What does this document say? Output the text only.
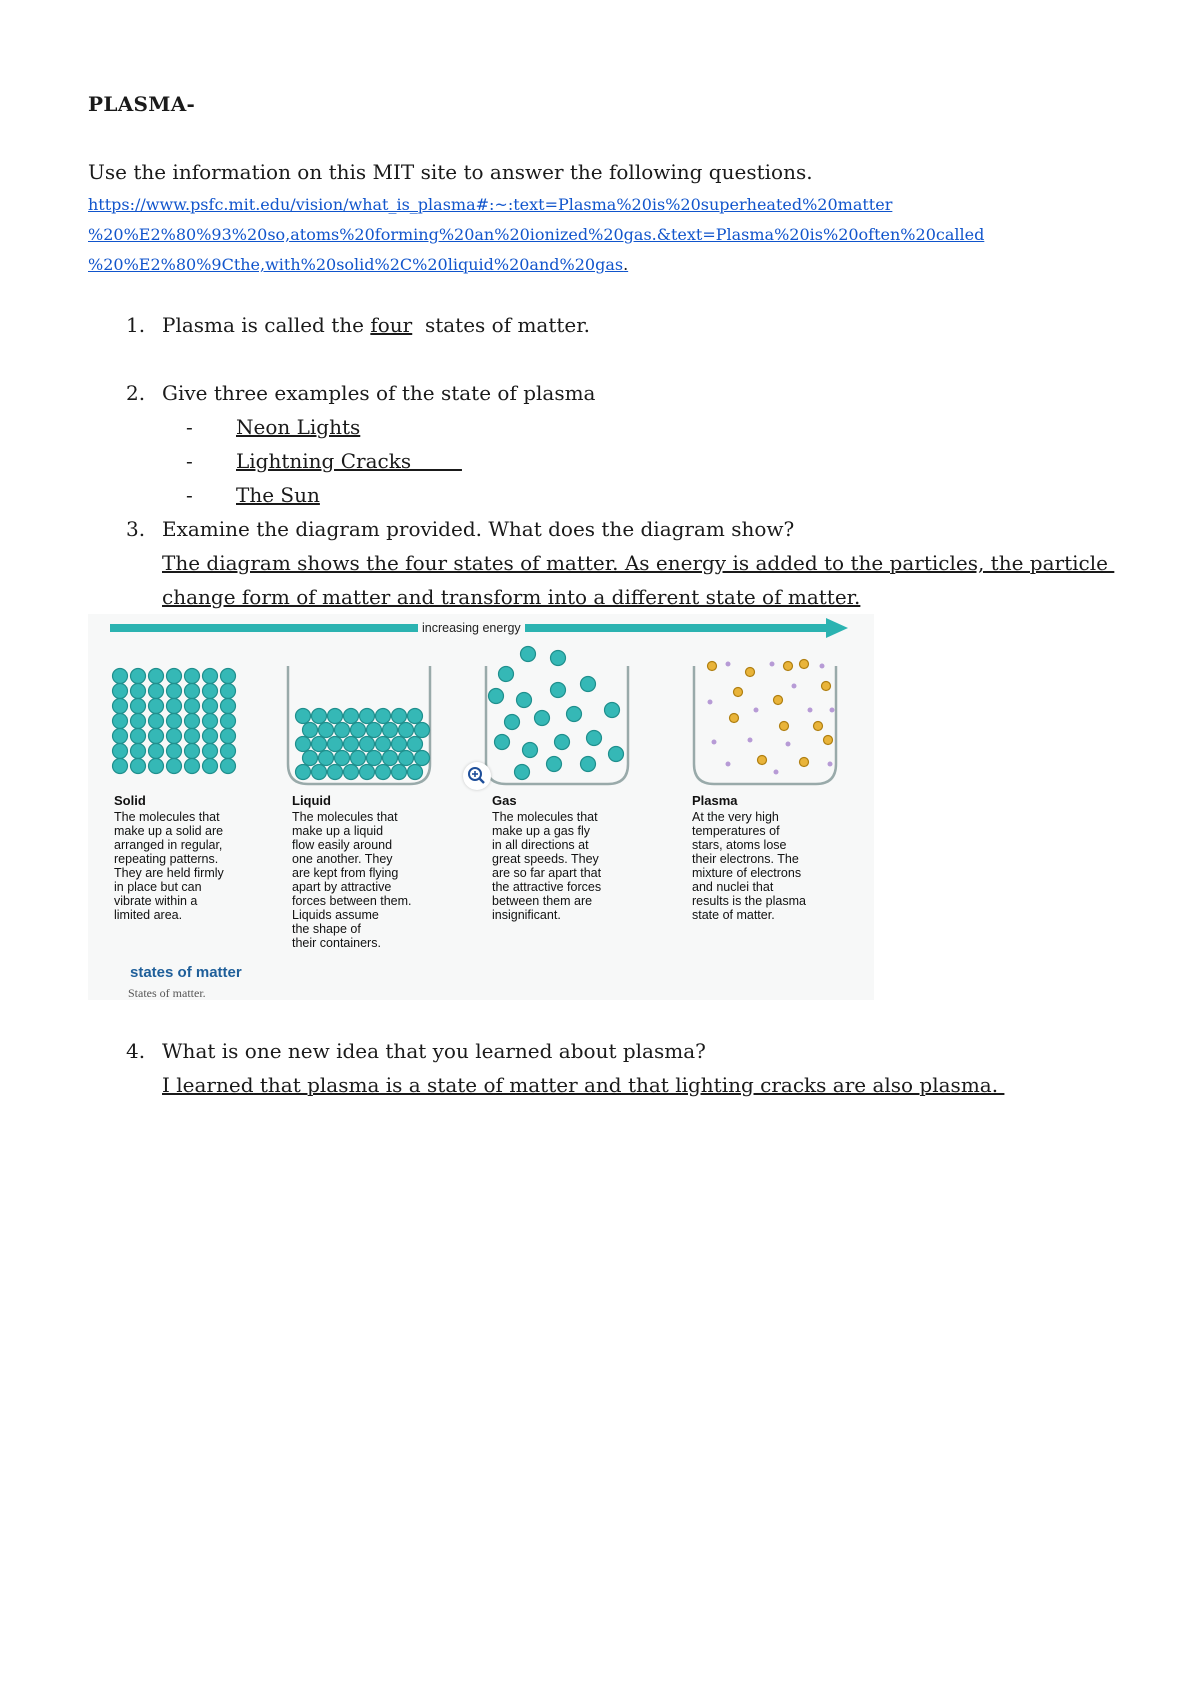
PLASMA-
Use the information on this MIT site to answer the following questions.
https://www.psfc.mit.edu/vision/what_is_plasma#:~:text=Plasma%20is%20superheated%20matter
%20%E2%80%93%20so,atoms%20forming%20an%20ionized%20gas.&text=Plasma%20is%20often%20called
%20%E2%80%9Cthe,with%20solid%2C%20liquid%20and%20gas.
1. Plasma is called the four  states of matter.
2. Give three examples of the state of plasma
- Neon Lights
- Lightning Cracks
- The Sun
3. Examine the diagram provided. What does the diagram show?
The diagram shows the four states of matter. As energy is added to the particles, the particle
change form of matter and transform into a different state of matter.
increasing energy
Solid
The molecules that
make up a solid are
arranged in regular,
repeating patterns.
They are held firmly
in place but can
vibrate within a
limited area.
Liquid
The molecules that
make up a liquid
flow easily around
one another. They
are kept from flying
apart by attractive
forces between them.
Liquids assume
the shape of
their containers.
Gas
The molecules that
make up a gas fly
in all directions at
great speeds. They
are so far apart that
the attractive forces
between them are
insignificant.
Plasma
At the very high
temperatures of
stars, atoms lose
their electrons. The
mixture of electrons
and nuclei that
results is the plasma
state of matter.
states of matter
States of matter.
4. What is one new idea that you learned about plasma?
I learned that plasma is a state of matter and that lighting cracks are also plasma.
